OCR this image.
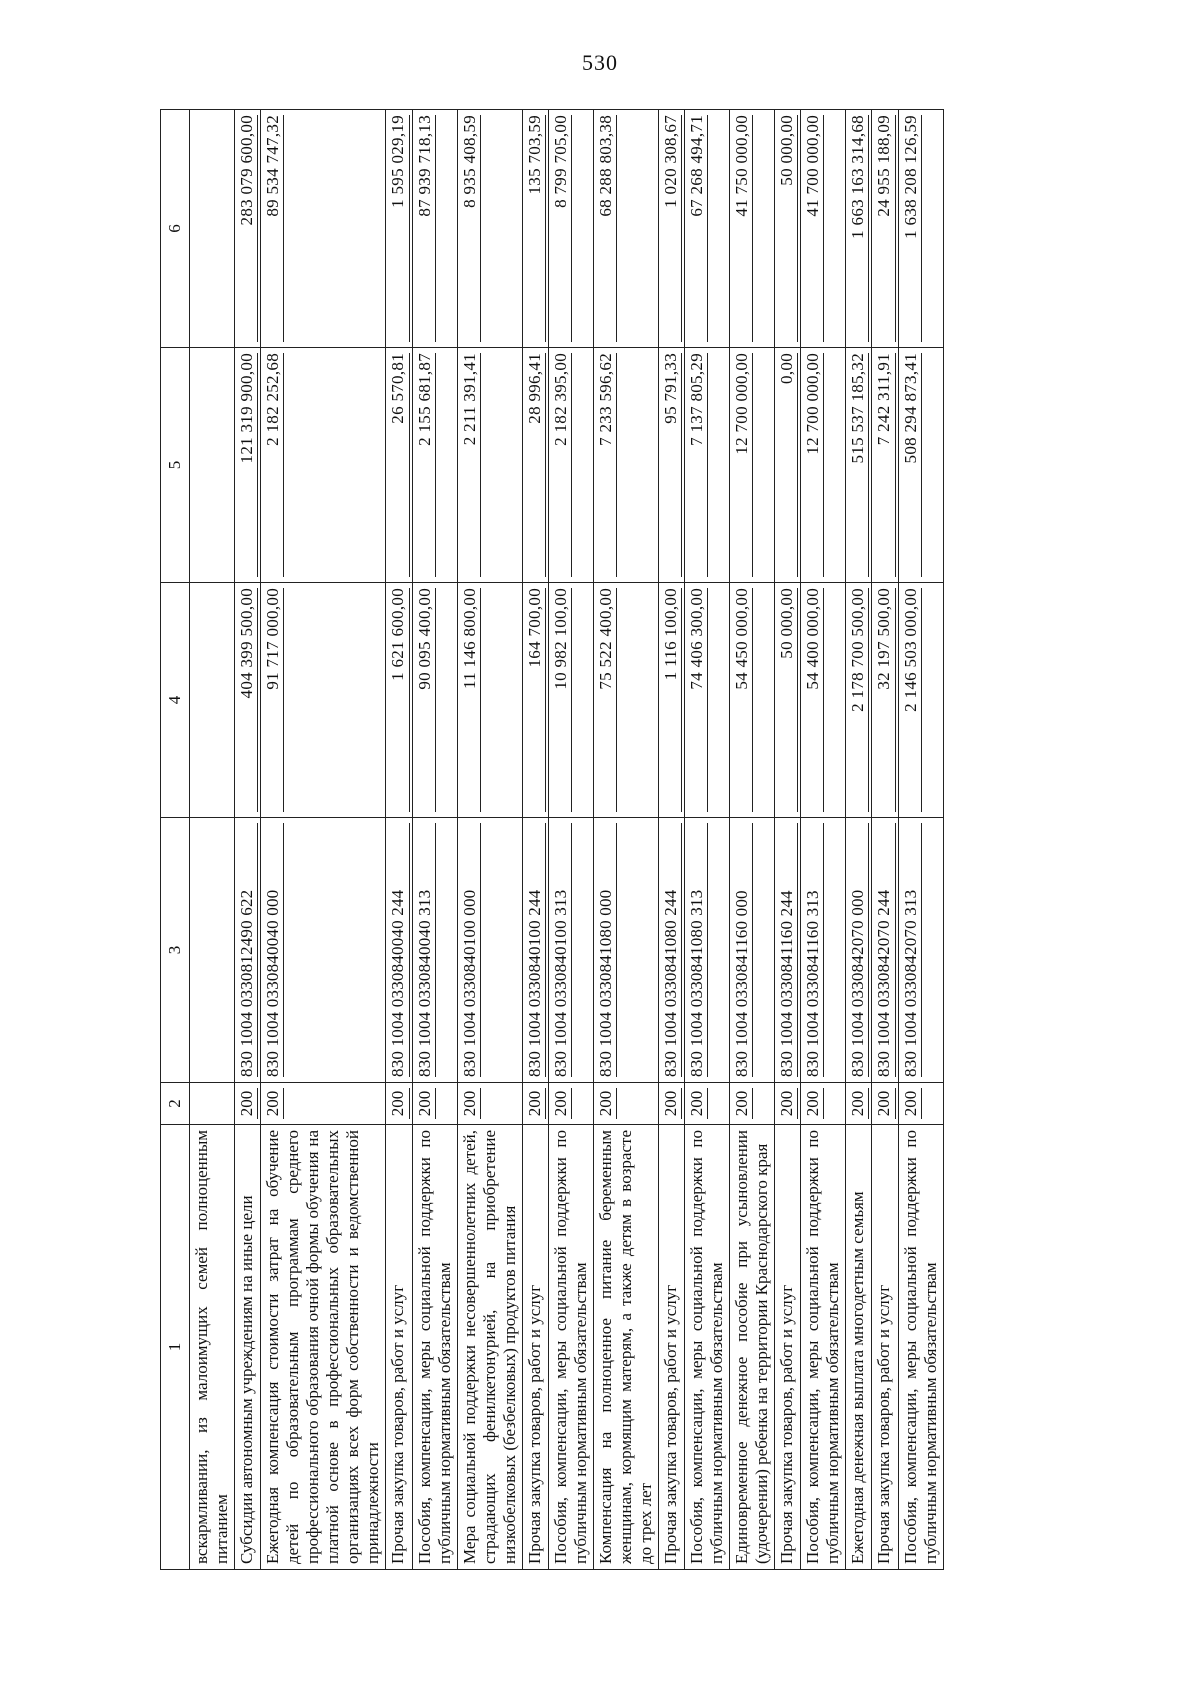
530
1	2	3	4	5	6
вскармливании, из малоимущих семей полноценным питанием					
Субсидии автономным учреждениям на иные цели	200	830 1004 0330812490 622	404 399 500,00	121 319 900,00	283 079 600,00

Ежегодная компенсация стоимости затрат на обучение детей по образовательным программам среднего профессионального образования очной формы обучения на платной основе в профессиональных образовательных организациях всех форм собственности и ведомственной принадлежности	200	830 1004 0330840040 000	91 717 000,00	2 182 252,68	89 534 747,32

Прочая закупка товаров, работ и услуг	200	830 1004 0330840040 244	1 621 600,00	26 570,81	1 595 029,19

Пособия, компенсации, меры социальной поддержки по публичным нормативным обязательствам	200	830 1004 0330840040 313	90 095 400,00	2 155 681,87	87 939 718,13

Мера социальной поддержки несовершеннолетних детей, страдающих фенилкетонурией, на приобретение низкобелковых (безбелковых) продуктов питания	200	830 1004 0330840100 000	11 146 800,00	2 211 391,41	8 935 408,59

Прочая закупка товаров, работ и услуг	200	830 1004 0330840100 244	164 700,00	28 996,41	135 703,59

Пособия, компенсации, меры социальной поддержки по публичным нормативным обязательствам	200	830 1004 0330840100 313	10 982 100,00	2 182 395,00	8 799 705,00

Компенсация на полноценное питание беременным женщинам, кормящим матерям, а также детям в возрасте до трех лет	200	830 1004 0330841080 000	75 522 400,00	7 233 596,62	68 288 803,38

Прочая закупка товаров, работ и услуг	200	830 1004 0330841080 244	1 116 100,00	95 791,33	1 020 308,67

Пособия, компенсации, меры социальной поддержки по публичным нормативным обязательствам	200	830 1004 0330841080 313	74 406 300,00	7 137 805,29	67 268 494,71

Единовременное денежное пособие при усыновлении (удочерении) ребенка на территории Краснодарского края	200	830 1004 0330841160 000	54 450 000,00	12 700 000,00	41 750 000,00

Прочая закупка товаров, работ и услуг	200	830 1004 0330841160 244	50 000,00	0,00	50 000,00

Пособия, компенсации, меры социальной поддержки по публичным нормативным обязательствам	200	830 1004 0330841160 313	54 400 000,00	12 700 000,00	41 700 000,00

Ежегодная денежная выплата многодетным семьям	200	830 1004 0330842070 000	2 178 700 500,00	515 537 185,32	1 663 163 314,68

Прочая закупка товаров, работ и услуг	200	830 1004 0330842070 244	32 197 500,00	7 242 311,91	24 955 188,09

Пособия, компенсации, меры социальной поддержки по публичным нормативным обязательствам	200	830 1004 0330842070 313	2 146 503 000,00	508 294 873,41	1 638 208 126,59
